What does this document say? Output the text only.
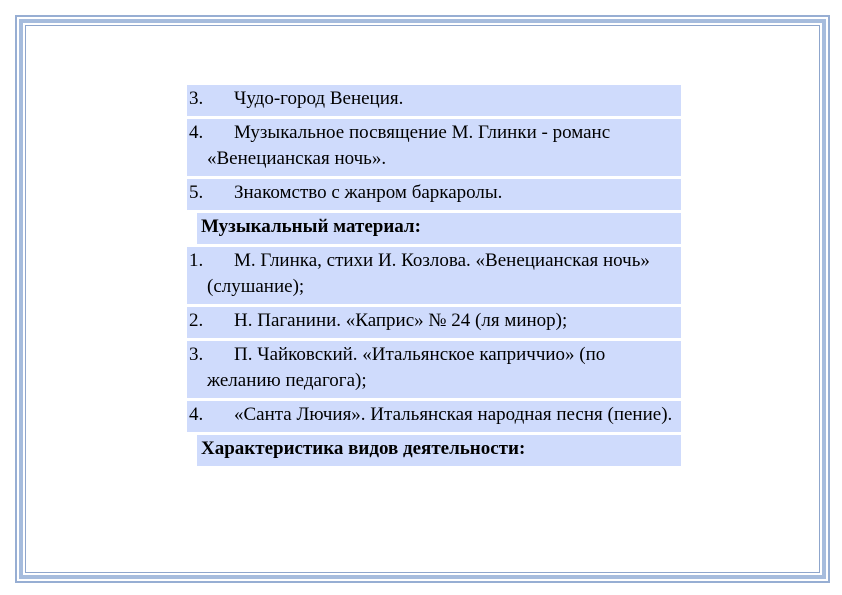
3.	Чудо-город Венеция.
4.	Музыкальное посвящение М. Глинки - романс «Венецианская ночь».
5.	Знакомство с жанром баркаролы.
Музыкальный материал:
1.	М. Глинка, стихи И. Козлова. «Венецианская ночь» (слушание);
2.	Н. Паганини. «Каприс» № 24 (ля минор);
3.	П. Чайковский. «Итальянское каприччио» (по желанию педагога);
4.	«Санта Лючия». Итальянская народная песня (пение).
Характеристика видов деятельности:
